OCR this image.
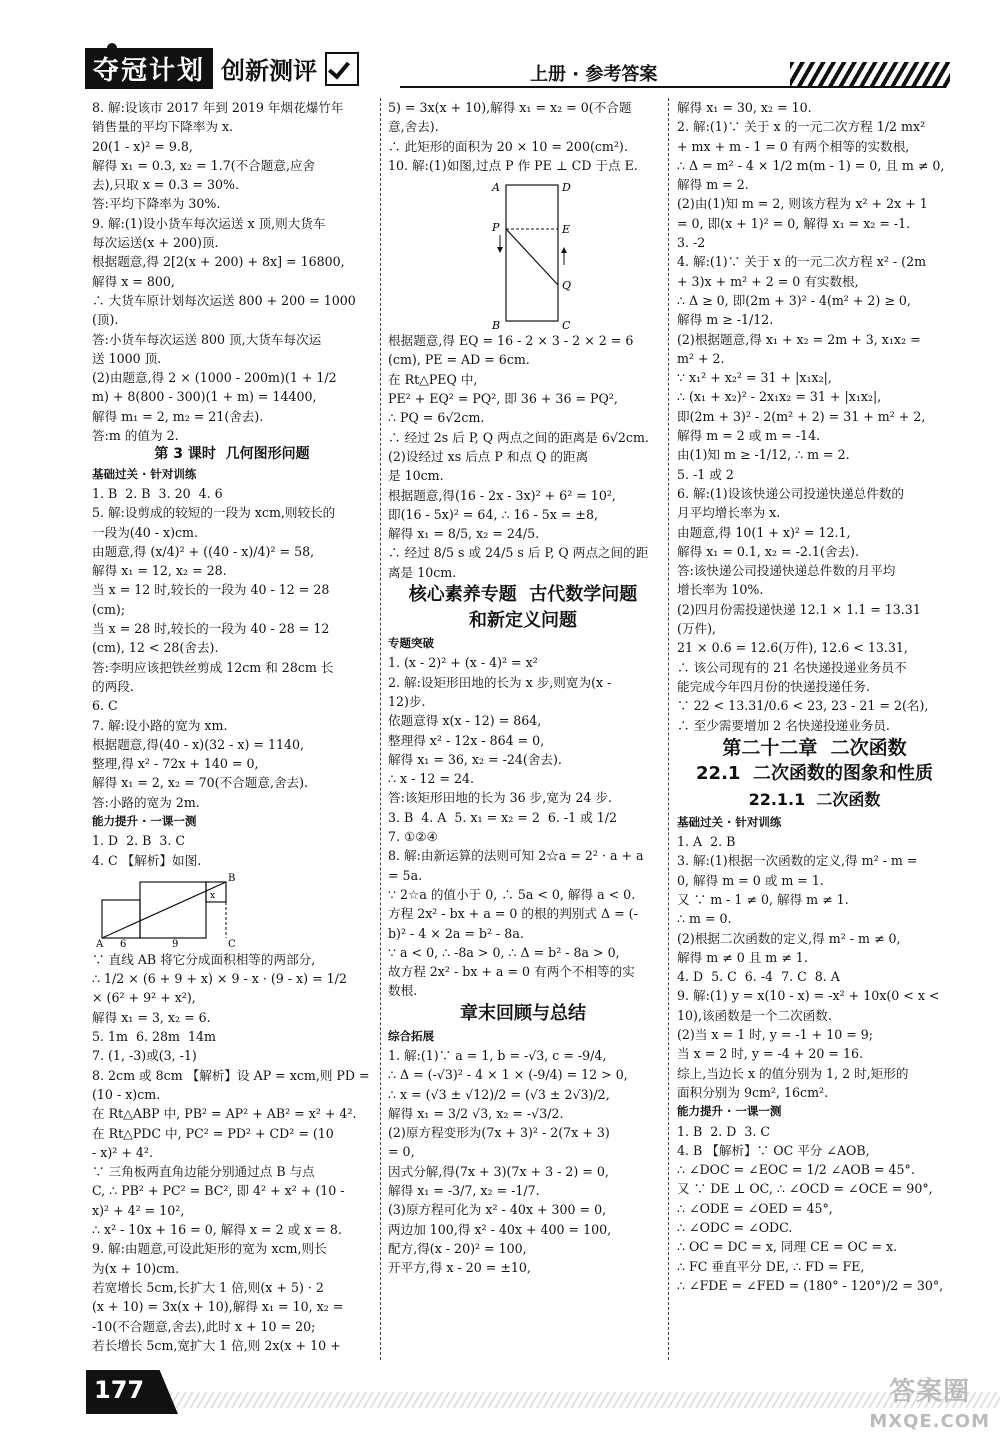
夺冠计划 创新测评	上册 · 参考答案

8. 解:设该市 2017 年到 2019 年烟花爆竹年

销售量的平均下降率为 x.

20(1 - x)² = 9.8,

解得 x₁ = 0.3, x₂ = 1.7(不合题意,应舍

去),只取 x = 0.3 = 30%.

答:平均下降率为 30%.

9. 解:(1)设小货车每次运送 x 顶,则大货车

每次运送(x + 200)顶.

根据题意,得 2[2(x + 200) + 8x] = 16800,

解得 x = 800,

∴ 大货车原计划每次运送 800 + 200 = 1000

(顶).

答:小货车每次运送 800 顶,大货车每次运

送 1000 顶.

(2)由题意,得 2 × (1000 - 200m)(1 + 1/2

m) + 8(800 - 300)(1 + m) = 14400,

解得 m₁ = 2, m₂ = 21(舍去).

答:m 的值为 2.

第 3 课时  几何图形问题

基础过关 · 针对训练

1. B  2. B  3. 20  4. 6

5. 解:设剪成的较短的一段为 xcm,则较长的

一段为(40 - x)cm.

由题意,得 (x/4)² + ((40 - x)/4)² = 58,

解得 x₁ = 12, x₂ = 28.

当 x = 12 时,较长的一段为 40 - 12 = 28

(cm);

当 x = 28 时,较长的一段为 40 - 28 = 12

(cm), 12 < 28(舍去).

答:李明应该把铁丝剪成 12cm 和 28cm 长

的两段.

6. C

7. 解:设小路的宽为 xm.

根据题意,得(40 - x)(32 - x) = 1140,

整理,得 x² - 72x + 140 = 0,

解得 x₁ = 2, x₂ = 70(不合题意,舍去).

答:小路的宽为 2m.

能力提升 · 一课一测

1. D  2. B  3. C

4. C 【解析】如图.

A 6	9	C
B
x

∵ 直线 AB 将它分成面积相等的两部分,

∴ 1/2 × (6 + 9 + x) × 9 - x · (9 - x) = 1/2

× (6² + 9² + x²),

解得 x₁ = 3, x₂ = 6.

5. 1m  6. 28m  14m

7. (1, -3)或(3, -1)

8. 2cm 或 8cm 【解析】设 AP = xcm,则 PD =

(10 - x)cm.

在 Rt△ABP 中, PB² = AP² + AB² = x² + 4².

在 Rt△PDC 中, PC² = PD² + CD² = (10

- x)² + 4².

∵ 三角板两直角边能分别通过点 B 与点

C, ∴ PB² + PC² = BC², 即 4² + x² + (10 -

x)² + 4² = 10²,

∴ x² - 10x + 16 = 0, 解得 x = 2 或 x = 8.

9. 解:由题意,可设此矩形的宽为 xcm,则长

为(x + 10)cm.

若宽增长 5cm,长扩大 1 倍,则(x + 5) · 2

(x + 10) = 3x(x + 10),解得 x₁ = 10, x₂ =

-10(不合题意,舍去),此时 x + 10 = 20;

若长增长 5cm,宽扩大 1 倍,则 2x(x + 10 +

5) = 3x(x + 10),解得 x₁ = x₂ = 0(不合题

意,舍去).

∴ 此矩形的面积为 20 × 10 = 200(cm²).

10. 解:(1)如图,过点 P 作 PE ⊥ CD 于点 E.

A	D
P	E
Q
B	C

根据题意,得 EQ = 16 - 2 × 3 - 2 × 2 = 6

(cm), PE = AD = 6cm.

在 Rt△PEQ 中,

PE² + EQ² = PQ², 即 36 + 36 = PQ²,

∴ PQ = 6√2cm.

∴ 经过 2s 后 P, Q 两点之间的距离是 6√2cm.

(2)设经过 xs 后点 P 和点 Q 的距离

是 10cm.

根据题意,得(16 - 2x - 3x)² + 6² = 10²,

即(16 - 5x)² = 64, ∴ 16 - 5x = ±8,

解得 x₁ = 8/5, x₂ = 24/5.

∴ 经过 8/5 s 或 24/5 s 后 P, Q 两点之间的距

离是 10cm.

核心素养专题  古代数学问题

和新定义问题

专题突破

1. (x - 2)² + (x - 4)² = x²

2. 解:设矩形田地的长为 x 步,则宽为(x -

12)步.

依题意得 x(x - 12) = 864,

整理得 x² - 12x - 864 = 0,

解得 x₁ = 36, x₂ = -24(舍去).

∴ x - 12 = 24.

答:该矩形田地的长为 36 步,宽为 24 步.

3. B  4. A  5. x₁ = x₂ = 2  6. -1 或 1/2

7. ①②④

8. 解:由新运算的法则可知 2☆a = 2² · a + a

= 5a.

∵ 2☆a 的值小于 0, ∴ 5a < 0, 解得 a < 0.

方程 2x² - bx + a = 0 的根的判别式 Δ = (-

b)² - 4 × 2a = b² - 8a.

∵ a < 0, ∴ -8a > 0, ∴ Δ = b² - 8a > 0,

故方程 2x² - bx + a = 0 有两个不相等的实

数根.

章末回顾与总结

综合拓展

1. 解:(1)∵ a = 1, b = -√3, c = -9/4,

∴ Δ = (-√3)² - 4 × 1 × (-9/4) = 12 > 0,

∴ x = (√3 ± √12)/2 = (√3 ± 2√3)/2,

解得 x₁ = 3/2 √3, x₂ = -√3/2.

(2)原方程变形为(7x + 3)² - 2(7x + 3)

= 0,

因式分解,得(7x + 3)(7x + 3 - 2) = 0,

解得 x₁ = -3/7, x₂ = -1/7.

(3)原方程可化为 x² - 40x + 300 = 0,

两边加 100,得 x² - 40x + 400 = 100,

配方,得(x - 20)² = 100,

开平方,得 x - 20 = ±10,

解得 x₁ = 30, x₂ = 10.

2. 解:(1)∵ 关于 x 的一元二次方程 1/2 mx²

+ mx + m - 1 = 0 有两个相等的实数根,

∴ Δ = m² - 4 × 1/2 m(m - 1) = 0, 且 m ≠ 0,

解得 m = 2.

(2)由(1)知 m = 2, 则该方程为 x² + 2x + 1

= 0, 即(x + 1)² = 0, 解得 x₁ = x₂ = -1.

3. -2

4. 解:(1)∵ 关于 x 的一元二次方程 x² - (2m

+ 3)x + m² + 2 = 0 有实数根,

∴ Δ ≥ 0, 即(2m + 3)² - 4(m² + 2) ≥ 0,

解得 m ≥ -1/12.

(2)根据题意,得 x₁ + x₂ = 2m + 3, x₁x₂ =

m² + 2.

∵ x₁² + x₂² = 31 + |x₁x₂|,

∴ (x₁ + x₂)² - 2x₁x₂ = 31 + |x₁x₂|,

即(2m + 3)² - 2(m² + 2) = 31 + m² + 2,

解得 m = 2 或 m = -14.

由(1)知 m ≥ -1/12, ∴ m = 2.

5. -1 或 2

6. 解:(1)设该快递公司投递快递总件数的

月平均增长率为 x.

由题意,得 10(1 + x)² = 12.1,

解得 x₁ = 0.1, x₂ = -2.1(舍去).

答:该快递公司投递快递总件数的月平均

增长率为 10%.

(2)四月份需投递快递 12.1 × 1.1 = 13.31

(万件),

21 × 0.6 = 12.6(万件), 12.6 < 13.31,

∴ 该公司现有的 21 名快递投递业务员不

能完成今年四月份的快递投递任务.

∵ 22 < 13.31/0.6 < 23, 23 - 21 = 2(名),

∴ 至少需要增加 2 名快递投递业务员.

第二十二章  二次函数

22.1  二次函数的图象和性质

22.1.1  二次函数

基础过关 · 针对训练

1. A  2. B

3. 解:(1)根据一次函数的定义,得 m² - m =

0, 解得 m = 0 或 m = 1.

又 ∵ m - 1 ≠ 0, 解得 m ≠ 1.

∴ m = 0.

(2)根据二次函数的定义,得 m² - m ≠ 0,

解得 m ≠ 0 且 m ≠ 1.

4. D  5. C  6. -4  7. C  8. A

9. 解:(1) y = x(10 - x) = -x² + 10x(0 < x <

10),该函数是一个二次函数.

(2)当 x = 1 时, y = -1 + 10 = 9;

当 x = 2 时, y = -4 + 20 = 16.

综上,当边长 x 的值分别为 1, 2 时,矩形的

面积分别为 9cm², 16cm².

能力提升 · 一课一测

1. B  2. D  3. C

4. B 【解析】∵ OC 平分 ∠AOB,

∴ ∠DOC = ∠EOC = 1/2 ∠AOB = 45°.

又 ∵ DE ⊥ OC, ∴ ∠OCD = ∠OCE = 90°,

∴ ∠ODE = ∠OED = 45°,

∴ ∠ODC = ∠ODC.

∴ OC = DC = x, 同理 CE = OC = x.

∴ FC 垂直平分 DE, ∴ FD = FE,

∴ ∠FDE = ∠FED = (180° - 120°)/2 = 30°,

177	答案圈
MXQE.COM
